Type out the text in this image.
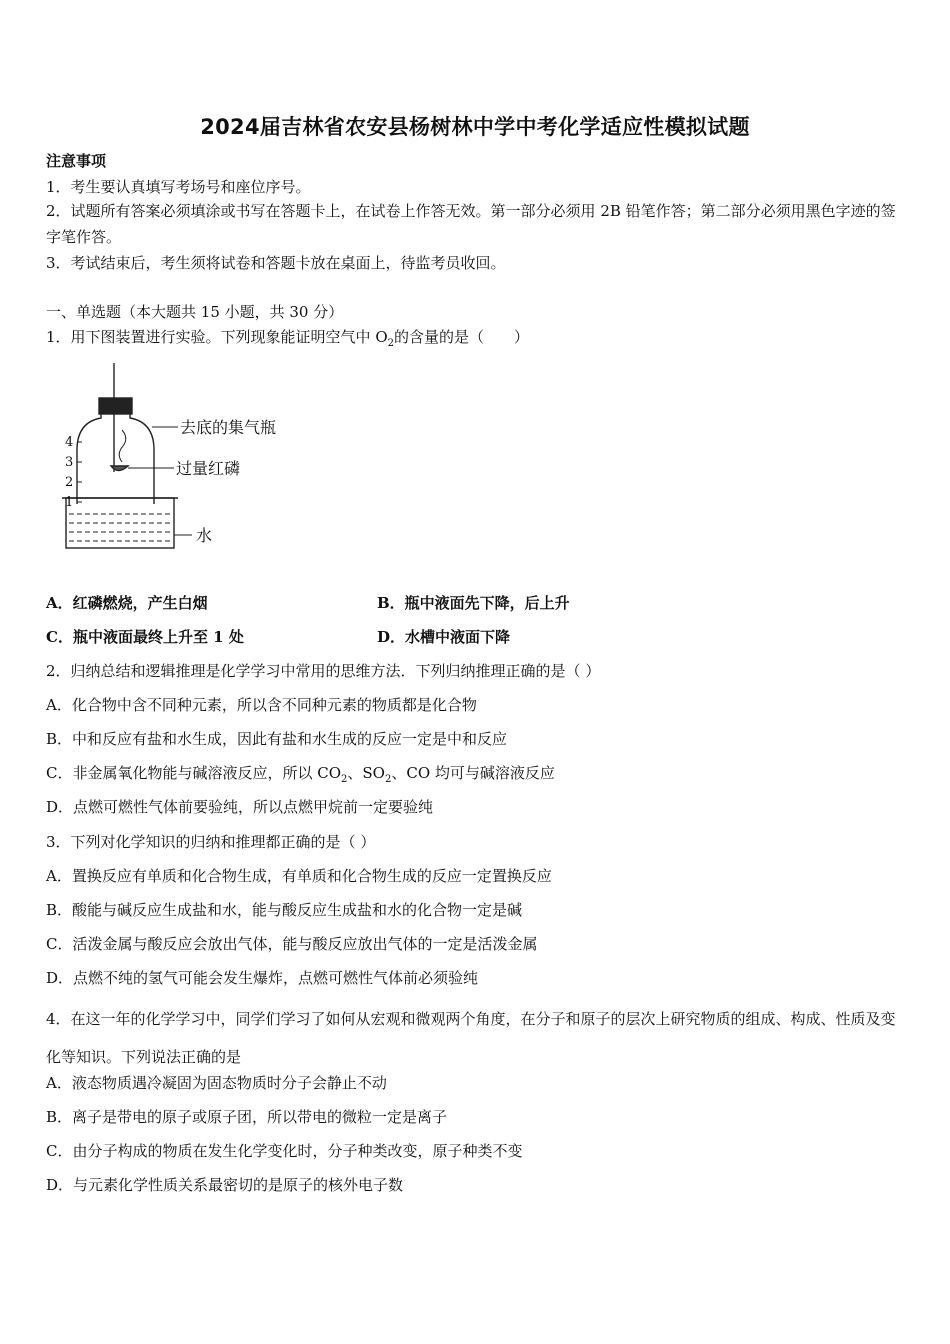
2024届吉林省农安县杨树林中学中考化学适应性模拟试题
注意事项
1．考生要认真填写考场号和座位序号。
2．试题所有答案必须填涂或书写在答题卡上，在试卷上作答无效。第一部分必须用 2B 铅笔作答；第二部分必须用黑色字迹的签字笔作答。
3．考试结束后，考生须将试卷和答题卡放在桌面上，待监考员收回。
一、单选题（本大题共 15 小题，共 30 分）
1．用下图装置进行实验。下列现象能证明空气中 $O_2$的含量的是（　　）
4
3
2
1
去底的集气瓶
过量红磷
水
A．红磷燃烧，产生白烟	B．瓶中液面先下降，后上升
C．瓶中液面最终上升至 1 处	D．水槽中液面下降
2．归纳总结和逻辑推理是化学学习中常用的思维方法．下列归纳推理正确的是（ ）
A．化合物中含不同种元素，所以含不同种元素的物质都是化合物
B．中和反应有盐和水生成，因此有盐和水生成的反应一定是中和反应
C．非金属氧化物能与碱溶液反应，所以 $CO_2$、$SO_2$、CO 均可与碱溶液反应
D．点燃可燃性气体前要验纯，所以点燃甲烷前一定要验纯
3．下列对化学知识的归纳和推理都正确的是（ ）
A．置换反应有单质和化合物生成，有单质和化合物生成的反应一定置换反应
B．酸能与碱反应生成盐和水，能与酸反应生成盐和水的化合物一定是碱
C．活泼金属与酸反应会放出气体，能与酸反应放出气体的一定是活泼金属
D．点燃不纯的氢气可能会发生爆炸，点燃可燃性气体前必须验纯
4．在这一年的化学学习中，同学们学习了如何从宏观和微观两个角度，在分子和原子的层次上研究物质的组成、构成、性质及变化等知识。下列说法正确的是
A．液态物质遇冷凝固为固态物质时分子会静止不动
B．离子是带电的原子或原子团，所以带电的微粒一定是离子
C．由分子构成的物质在发生化学变化时，分子种类改变，原子种类不变
D．与元素化学性质关系最密切的是原子的核外电子数
